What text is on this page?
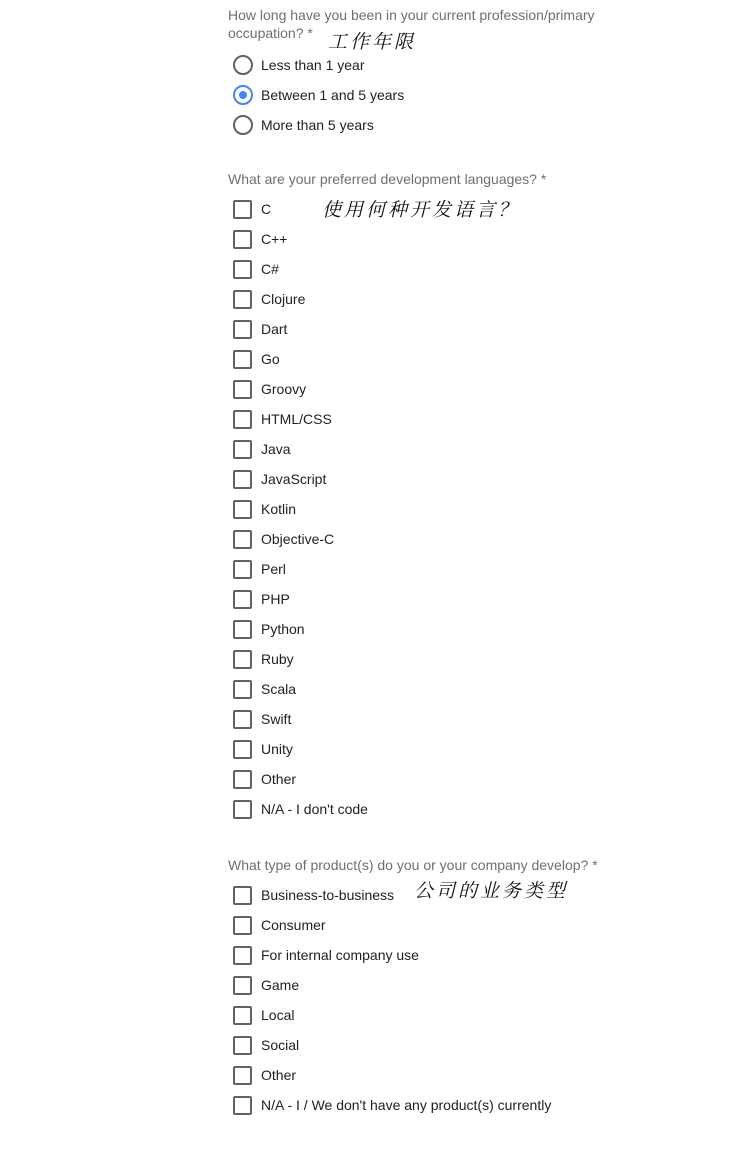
How long have you been in your current profession/primary occupation? *

Less than 1 year
Between 1 and 5 years
More than 5 years
工作年限

What are your preferred development languages? *

C
C++
C#
Clojure
Dart
Go
Groovy
HTML/CSS
Java
JavaScript
Kotlin
Objective-C
Perl
PHP
Python
Ruby
Scala
Swift
Unity
Other
N/A - I don't code
使用何种开发语言？

What type of product(s) do you or your company develop? *

Business-to-business
Consumer
For internal company use
Game
Local
Social
Other
N/A - I / We don't have any product(s) currently
公司的业务类型
